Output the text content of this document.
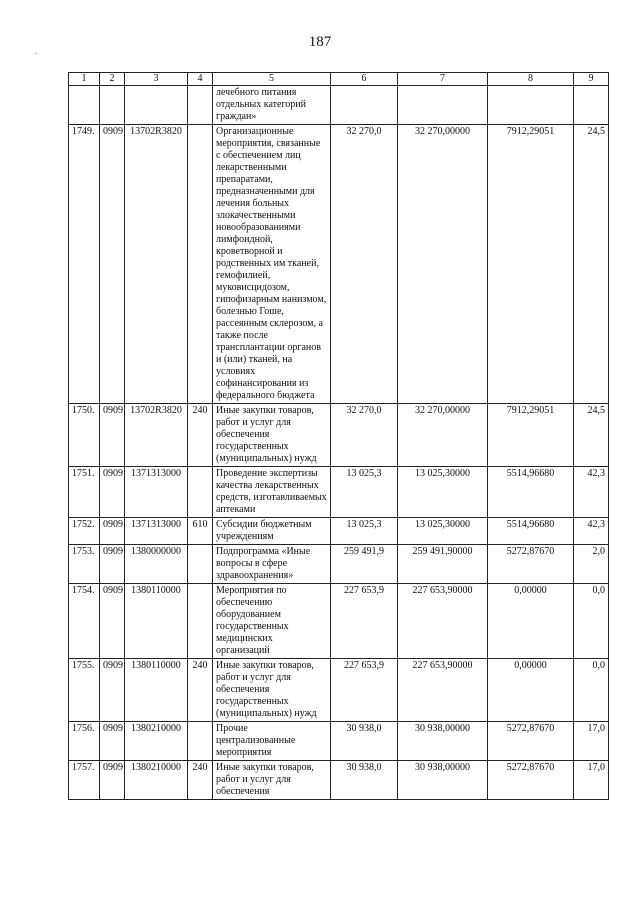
.
187
1	2	3	4	5	6	7	8	9
				лечебного питания отдельных категорий граждан»				
1749.	0909	13702R3820		Организационные мероприятия, связанные с обеспечением лиц лекарственными препаратами, предназначенными для лечения больных злокачественными новообразованиями лимфоидной, кроветворной и родственных им тканей, гемофилией, муковисцидозом, гипофизарным нанизмом, болезнью Гоше, рассеянным склерозом, а также после трансплантации органов и (или) тканей, на условиях софинансирования из федерального бюджета	32 270,0	32 270,00000	7912,29051	24,5
1750.	0909	13702R3820	240	Иные закупки товаров, работ и услуг для обеспечения государственных (муниципальных) нужд	32 270,0	32 270,00000	7912,29051	24,5
1751.	0909	1371313000		Проведение экспертизы качества лекарственных средств, изготавливаемых аптеками	13 025,3	13 025,30000	5514,96680	42,3
1752.	0909	1371313000	610	Субсидии бюджетным учреждениям	13 025,3	13 025,30000	5514,96680	42,3
1753.	0909	1380000000		Подпрограмма «Иные вопросы в сфере здравоохранения»	259 491,9	259 491,90000	5272,87670	2,0
1754.	0909	1380110000		Мероприятия по обеспечению оборудованием государственных медицинских организаций	227 653,9	227 653,90000	0,00000	0,0
1755.	0909	1380110000	240	Иные закупки товаров, работ и услуг для обеспечения государственных (муниципальных) нужд	227 653,9	227 653,90000	0,00000	0,0
1756.	0909	1380210000		Прочие централизованные мероприятия	30 938,0	30 938,00000	5272,87670	17,0
1757.	0909	1380210000	240	Иные закупки товаров, работ и услуг для обеспечения	30 938,0	30 938,00000	5272,87670	17,0
